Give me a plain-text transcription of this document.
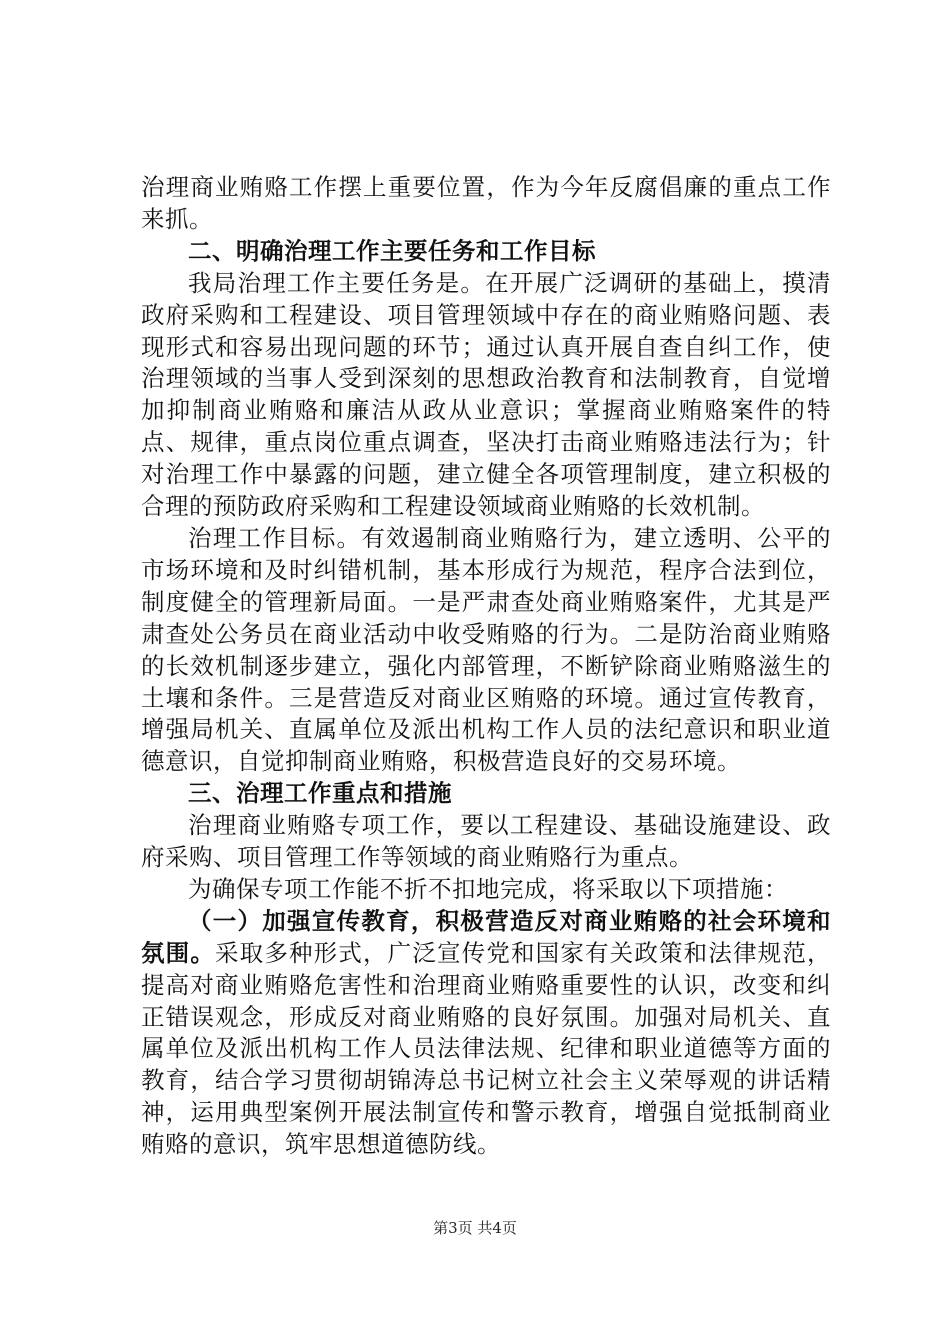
治理商业贿赂工作摆上重要位置，作为今年反腐倡廉的重点工作来抓。

二、明确治理工作主要任务和工作目标

我局治理工作主要任务是。在开展广泛调研的基础上，摸清政府采购和工程建设、项目管理领域中存在的商业贿赂问题、表现形式和容易出现问题的环节；通过认真开展自查自纠工作，使治理领域的当事人受到深刻的思想政治教育和法制教育，自觉增加抑制商业贿赂和廉洁从政从业意识；掌握商业贿赂案件的特点、规律，重点岗位重点调查，坚决打击商业贿赂违法行为；针对治理工作中暴露的问题，建立健全各项管理制度，建立积极的合理的预防政府采购和工程建设领域商业贿赂的长效机制。

治理工作目标。有效遏制商业贿赂行为，建立透明、公平的市场环境和及时纠错机制，基本形成行为规范，程序合法到位，制度健全的管理新局面。一是严肃查处商业贿赂案件，尤其是严肃查处公务员在商业活动中收受贿赂的行为。二是防治商业贿赂的长效机制逐步建立，强化内部管理，不断铲除商业贿赂滋生的土壤和条件。三是营造反对商业区贿赂的环境。通过宣传教育，增强局机关、直属单位及派出机构工作人员的法纪意识和职业道德意识，自觉抑制商业贿赂，积极营造良好的交易环境。

三、治理工作重点和措施

治理商业贿赂专项工作，要以工程建设、基础设施建设、政府采购、项目管理工作等领域的商业贿赂行为重点。

为确保专项工作能不折不扣地完成，将采取以下项措施：

（一）加强宣传教育，积极营造反对商业贿赂的社会环境和氛围。采取多种形式，广泛宣传党和国家有关政策和法律规范，提高对商业贿赂危害性和治理商业贿赂重要性的认识，改变和纠正错误观念，形成反对商业贿赂的良好氛围。加强对局机关、直属单位及派出机构工作人员法律法规、纪律和职业道德等方面的教育，结合学习贯彻胡锦涛总书记树立社会主义荣辱观的讲话精神，运用典型案例开展法制宣传和警示教育，增强自觉抵制商业贿赂的意识，筑牢思想道德防线。

第3页 共4页
